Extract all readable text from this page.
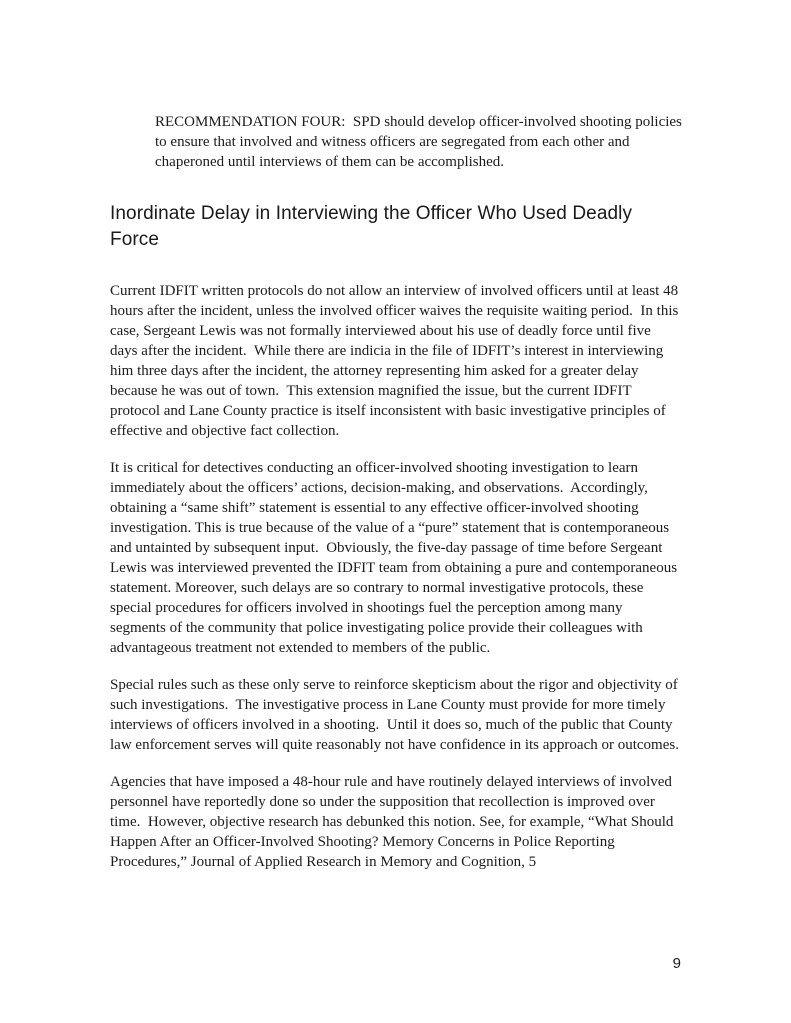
RECOMMENDATION FOUR:  SPD should develop officer-involved shooting policies to ensure that involved and witness officers are segregated from each other and chaperoned until interviews of them can be accomplished.

Inordinate Delay in Interviewing the Officer Who Used Deadly Force

Current IDFIT written protocols do not allow an interview of involved officers until at least 48 hours after the incident, unless the involved officer waives the requisite waiting period.  In this case, Sergeant Lewis was not formally interviewed about his use of deadly force until five days after the incident.  While there are indicia in the file of IDFIT’s interest in interviewing him three days after the incident, the attorney representing him asked for a greater delay because he was out of town.  This extension magnified the issue, but the current IDFIT protocol and Lane County practice is itself inconsistent with basic investigative principles of effective and objective fact collection.

It is critical for detectives conducting an officer-involved shooting investigation to learn immediately about the officers’ actions, decision-making, and observations.  Accordingly, obtaining a “same shift” statement is essential to any effective officer-involved shooting investigation. This is true because of the value of a “pure” statement that is contemporaneous and untainted by subsequent input.  Obviously, the five-day passage of time before Sergeant Lewis was interviewed prevented the IDFIT team from obtaining a pure and contemporaneous statement. Moreover, such delays are so contrary to normal investigative protocols, these special procedures for officers involved in shootings fuel the perception among many segments of the community that police investigating police provide their colleagues with advantageous treatment not extended to members of the public.

Special rules such as these only serve to reinforce skepticism about the rigor and objectivity of such investigations.  The investigative process in Lane County must provide for more timely interviews of officers involved in a shooting.  Until it does so, much of the public that County law enforcement serves will quite reasonably not have confidence in its approach or outcomes.

Agencies that have imposed a 48-hour rule and have routinely delayed interviews of involved personnel have reportedly done so under the supposition that recollection is improved over time.  However, objective research has debunked this notion. See, for example, “What Should Happen After an Officer-Involved Shooting? Memory Concerns in Police Reporting Procedures,” Journal of Applied Research in Memory and Cognition, 5

9
